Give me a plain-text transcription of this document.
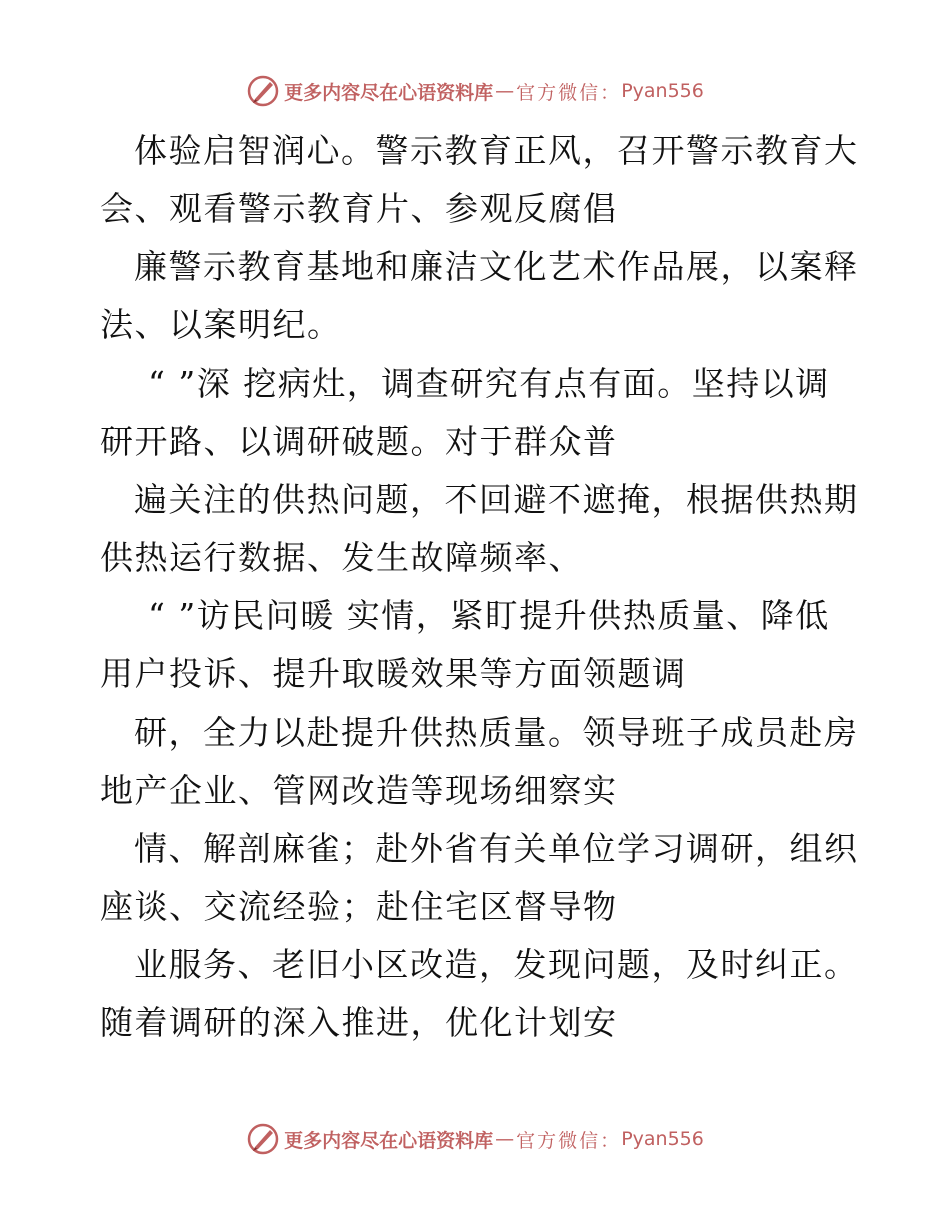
更多内容尽在心语资料库 — 官方微信： Pyan556
体验启智润心。警示教育正风，召开警示教育大
会、观看警示教育片、参观反腐倡
廉警示教育基地和廉洁文化艺术作品展，以案释
法、以案明纪。
“ ”深 挖病灶，调查研究有点有面。坚持以调
研开路、以调研破题。对于群众普
遍关注的供热问题，不回避不遮掩，根据供热期
供热运行数据、发生故障频率、
“ ”访民问暖 实情，紧盯提升供热质量、降低
用户投诉、提升取暖效果等方面领题调
研，全力以赴提升供热质量。领导班子成员赴房
地产企业、管网改造等现场细察实
情、解剖麻雀；赴外省有关单位学习调研，组织
座谈、交流经验；赴住宅区督导物
业服务、老旧小区改造，发现问题，及时纠正。
随着调研的深入推进，优化计划安
更多内容尽在心语资料库 — 官方微信： Pyan556
